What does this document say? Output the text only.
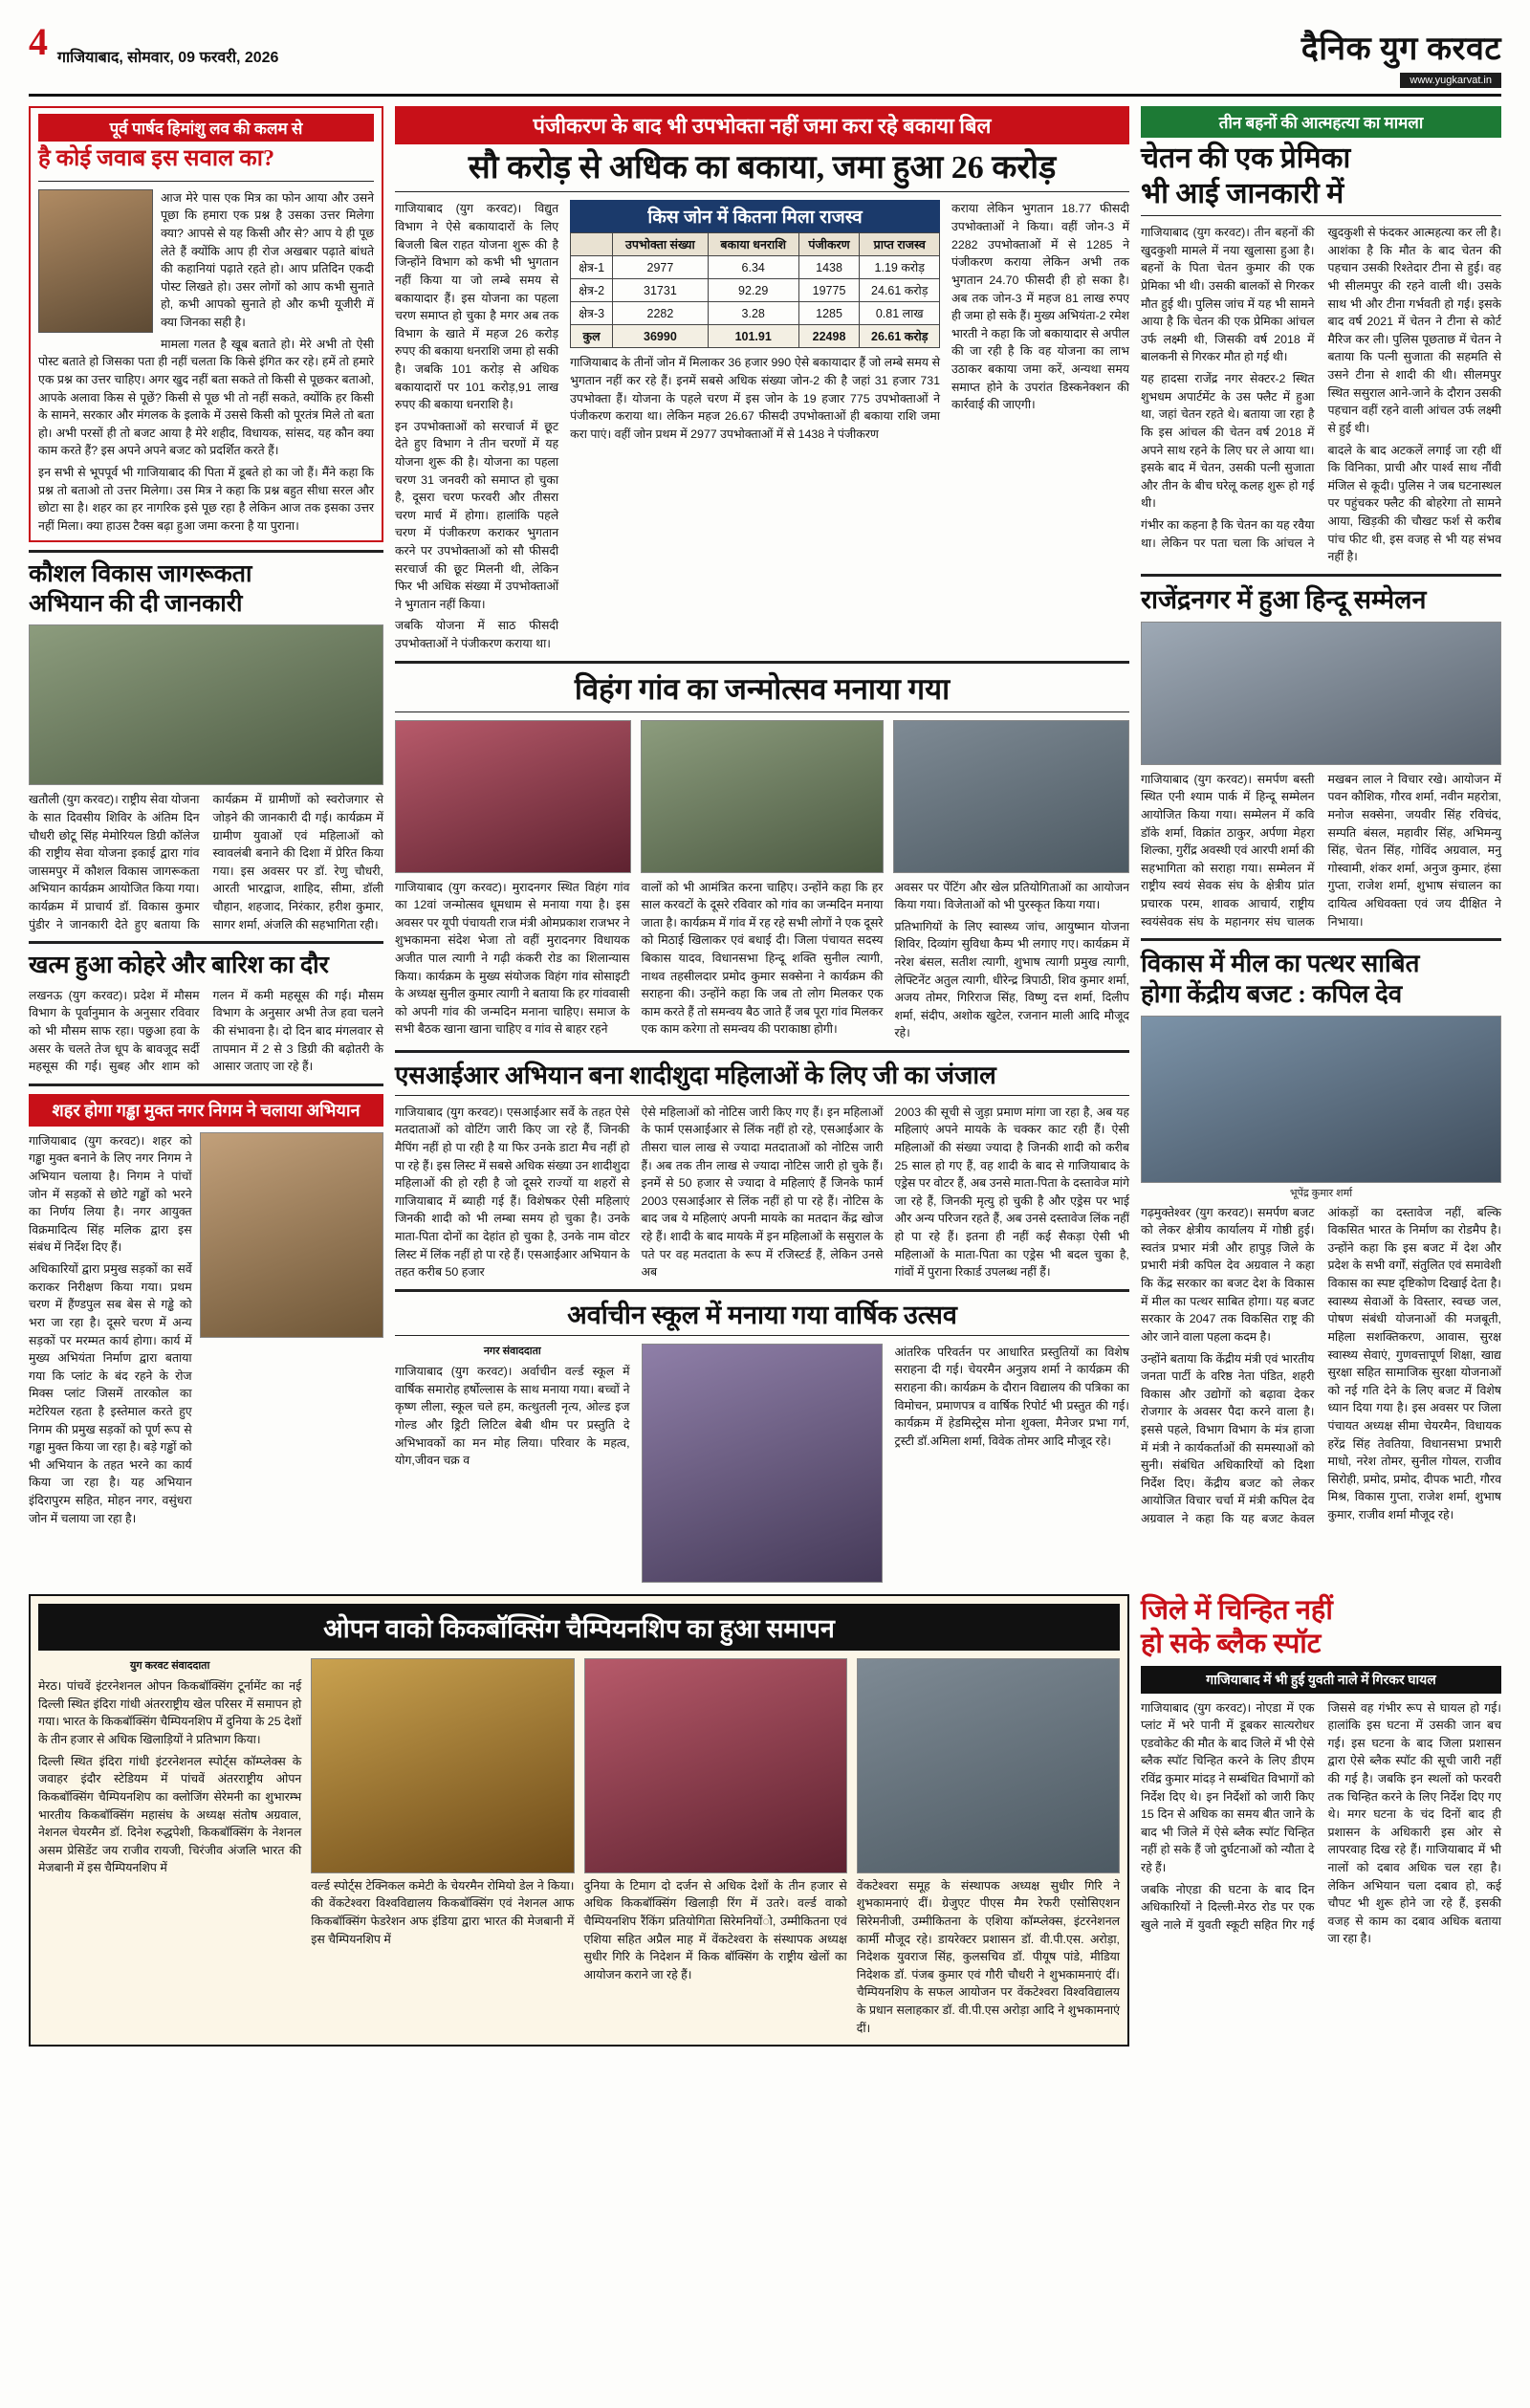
4 गाजियाबाद, सोमवार, 09 फरवरी, 2026	दैनिक युग करवट
www.yugkarvat.in
पूर्व पार्षद हिमांशु लव की कलम से
है कोई जवाब इस सवाल का?
आज मेरे पास एक मित्र का फोन आया और उसने पूछा कि हमारा एक प्रश्न है उसका उत्तर मिलेगा क्या? आपसे से यह किसी और से? आप ये ही पूछ लेते हैं क्योंकि आप ही रोज अखबार पढ़ाते बांधते की कहानियां पढ़ाते रहते हो। आप प्रतिदिन एकदी पोस्ट लिखते हो। उसर लोगों को आप कभी सुनाते हो, कभी आपको सुनाते हो और कभी यूजीरी में क्या जिनका सही है।
मामला गलत है खूब बताते हो। मेरे अभी तो ऐसी पोस्ट बताते हो जिसका पता ही नहीं चलता कि किसे इंगित कर रहे। हमें तो हमारे एक प्रश्न का उत्तर चाहिए। अगर खुद नहीं बता सकते तो किसी से पूछकर बताओ, आपके अलावा किस से पूछें? किसी से पूछ भी तो नहीं सकते, क्योंकि हर किसी के सामने, सरकार और मंगलक के इलाके में उससे किसी को पूरतंत्र मिले तो बता हो। अभी परसों ही तो बजट आया है मेरे शहीद, विधायक, सांसद, यह कौन क्या काम करते हैं? इस अपने अपने बजट को प्रदर्शित करते हैं।
इन सभी से भूपपूर्व भी गाजियाबाद की पिता में डूबते हो का जो हैं। मैंने कहा कि प्रश्न तो बताओ तो उत्तर मिलेगा। उस मित्र ने कहा कि प्रश्न बहुत सीधा सरल और छोटा सा है। शहर का हर नागरिक इसे पूछ रहा है लेकिन आज तक इसका उत्तर नहीं मिला। क्या हाउस टैक्स बढ़ा हुआ जमा करना है या पुराना।
कौशल विकास जागरूकता
अभियान की दी जानकारी
खतौली (युग करवट)। राष्ट्रीय सेवा योजना के सात दिवसीय शिविर के अंतिम दिन चौधरी छोटू सिंह मेमोरियल डिग्री कॉलेज की राष्ट्रीय सेवा योजना इकाई द्वारा गांव जासमपुर में कौशल विकास जागरूकता अभियान कार्यक्रम आयोजित किया गया। कार्यक्रम में प्राचार्य डॉ. विकास कुमार पुंडीर ने जानकारी देते हुए बताया कि कार्यक्रम में ग्रामीणों को स्वरोजगार से जोड़ने की जानकारी दी गई। कार्यक्रम में ग्रामीण युवाओं एवं महिलाओं को स्वावलंबी बनाने की दिशा में प्रेरित किया गया। इस अवसर पर डॉ. रेणु चौधरी, आरती भारद्वाज, शाहिद, सीमा, डॉली चौहान, शहजाद, निरंकार, हरीश कुमार, सागर शर्मा, अंजलि की सहभागिता रही।
खत्म हुआ कोहरे और बारिश का दौर
लखनऊ (युग करवट)। प्रदेश में मौसम विभाग के पूर्वानुमान के अनुसार रविवार को भी मौसम साफ रहा। पछुआ हवा के असर के चलते तेज धूप के बावजूद सर्दी महसूस की गई। सुबह और शाम को गलन में कमी महसूस की गई। मौसम विभाग के अनुसार अभी तेज हवा चलने की संभावना है। दो दिन बाद मंगलवार से तापमान में 2 से 3 डिग्री की बढ़ोतरी के आसार जताए जा रहे हैं।
शहर होगा गड्ढा मुक्त नगर निगम ने चलाया अभियान
गाजियाबाद (युग करवट)। शहर को गड्ढा मुक्त बनाने के लिए नगर निगम ने अभियान चलाया है। निगम ने पांचों जोन में सड़कों से छोटे गड्ढों को भरने का निर्णय लिया है। नगर आयुक्त विक्रमादित्य सिंह मलिक द्वारा इस संबंध में निर्देश दिए हैं।
अधिकारियों द्वारा प्रमुख सड़कों का सर्वे कराकर निरीक्षण किया गया। प्रथम चरण में हैंण्डपुल सब बेस से गड्ढे को भरा जा रहा है। दूसरे चरण में अन्य सड़कों पर मरम्मत कार्य होगा। कार्य में मुख्य अभियंता निर्माण द्वारा बताया गया कि प्लांट के बंद रहने के रोज मिक्स प्लांट जिसमें तारकोल का मटेरियल रहता है इस्तेमाल करते हुए निगम की प्रमुख सड़कों को पूर्ण रूप से गड्ढा मुक्त किया जा रहा है। बड़े गड्ढों को भी अभियान के तहत भरने का कार्य किया जा रहा है। यह अभियान इंदिरापुरम सहित, मोहन नगर, वसुंधरा जोन में चलाया जा रहा है।
पंजीकरण के बाद भी उपभोक्ता नहीं जमा करा रहे बकाया बिल
सौ करोड़ से अधिक का बकाया, जमा हुआ 26 करोड़
गाजियाबाद (युग करवट)। विद्युत विभाग ने ऐसे बकायादारों के लिए बिजली बिल राहत योजना शुरू की है जिन्होंने विभाग को कभी भी भुगतान नहीं किया या जो लम्बे समय से बकायादार हैं। इस योजना का पहला चरण समाप्त हो चुका है मगर अब तक विभाग के खाते में महज 26 करोड़ रुपए की बकाया धनराशि जमा हो सकी है। जबकि 101 करोड़ से अधिक बकायादारों पर 101 करोड़,91 लाख रुपए की बकाया धनराशि है।
इन उपभोक्ताओं को सरचार्ज में छूट देते हुए विभाग ने तीन चरणों में यह योजना शुरू की है। योजना का पहला चरण 31 जनवरी को समाप्त हो चुका है, दूसरा चरण फरवरी और तीसरा चरण मार्च में होगा। हालांकि पहले चरण में पंजीकरण कराकर भुगतान करने पर उपभोक्ताओं को सौ फीसदी सरचार्ज की छूट मिलनी थी, लेकिन फिर भी अधिक संख्या में उपभोक्ताओं ने भुगतान नहीं किया।
जबकि योजना में साठ फीसदी उपभोक्ताओं ने पंजीकरण कराया था।
किस जोन में कितना मिला राजस्व
	उपभोक्ता संख्या	बकाया धनराशि	पंजीकरण	प्राप्त राजस्व
क्षेत्र-1	2977	6.34	1438	1.19 करोड़
क्षेत्र-2	31731	92.29	19775	24.61 करोड़
क्षेत्र-3	2282	3.28	1285	0.81 लाख
कुल	36990	101.91	22498	26.61 करोड़
गाजियाबाद के तीनों जोन में मिलाकर 36 हजार 990 ऐसे बकायादार हैं जो लम्बे समय से भुगतान नहीं कर रहे हैं। इनमें सबसे अधिक संख्या जोन-2 की है जहां 31 हजार 731 उपभोक्ता हैं। योजना के पहले चरण में इस जोन के 19 हजार 775 उपभोक्ताओं ने पंजीकरण कराया था। लेकिन महज 26.67 फीसदी उपभोक्ताओं ही बकाया राशि जमा करा पाएं। वहीं जोन प्रथम में 2977 उपभोक्ताओं में से 1438 ने पंजीकरण
कराया लेकिन भुगतान 18.77 फीसदी उपभोक्ताओं ने किया। वहीं जोन-3 में 2282 उपभोक्ताओं में से 1285 ने पंजीकरण कराया लेकिन अभी तक भुगतान 24.70 फीसदी ही हो सका है। अब तक जोन-3 में महज 81 लाख रुपए ही जमा हो सके हैं। मुख्य अभियंता-2 रमेश भारती ने कहा कि जो बकायादार से अपील की जा रही है कि वह योजना का लाभ उठाकर बकाया जमा करें, अन्यथा समय समाप्त होने के उपरांत डिस्कनेक्शन की कार्रवाई की जाएगी।
विहंग गांव का जन्मोत्सव मनाया गया
गाजियाबाद (युग करवट)। मुरादनगर स्थित विहंग गांव का 12वां जन्मोत्सव धूमधाम से मनाया गया है। इस अवसर पर यूपी पंचायती राज मंत्री ओमप्रकाश राजभर ने शुभकामना संदेश भेजा तो वहीं मुरादनगर विधायक अजीत पाल त्यागी ने गढ़ी कंकरी रोड का शिलान्यास किया। कार्यक्रम के मुख्य संयोजक विहंग गांव सोसाइटी के अध्यक्ष सुनील कुमार त्यागी ने बताया कि हर गांववासी को अपनी गांव की जन्मदिन मनाना चाहिए। समाज के सभी बैठक खाना खाना चाहिए व गांव से बाहर रहने
वालों को भी आमंत्रित करना चाहिए। उन्होंने कहा कि हर साल करवटों के दूसरे रविवार को गांव का जन्मदिन मनाया जाता है। कार्यक्रम में गांव में रह रहे सभी लोगों ने एक दूसरे को मिठाई खिलाकर एवं बधाई दी। जिला पंचायत सदस्य बिकास यादव, विधानसभा हिन्दू शक्ति सुनील त्यागी, नाथव तहसीलदार प्रमोद कुमार सक्सेना ने कार्यक्रम की सराहना की। उन्होंने कहा कि जब तो लोग मिलकर एक काम करते हैं तो समन्वय बैठ जाते हैं जब पूरा गांव मिलकर एक काम करेगा तो समन्वय की पराकाष्ठा होगी।
अवसर पर पेंटिंग और खेल प्रतियोगिताओं का आयोजन किया गया। विजेताओं को भी पुरस्कृत किया गया।
प्रतिभागियों के लिए स्वास्थ्य जांच, आयुष्मान योजना शिविर, दिव्यांग सुविधा कैम्प भी लगाए गए। कार्यक्रम में नरेश बंसल, सतीश त्यागी, शुभाष त्यागी प्रमुख त्यागी, लेफ्टिनेंट अतुल त्यागी, धीरेन्द्र त्रिपाठी, शिव कुमार शर्मा, अजय तोमर, गिरिराज सिंह, विष्णु दत्त शर्मा, दिलीप शर्मा, संदीप, अशोक खुटेल, रजनान माली आदि मौजूद रहे।
एसआईआर अभियान बना शादीशुदा महिलाओं के लिए जी का जंजाल
गाजियाबाद (युग करवट)। एसआईआर सर्वे के तहत ऐसे मतदाताओं को वोटिंग जारी किए जा रहे हैं, जिनकी मैपिंग नहीं हो पा रही है या फिर उनके डाटा मैच नहीं हो पा रहे हैं। इस लिस्ट में सबसे अधिक संख्या उन शादीशुदा महिलाओं की हो रही है जो दूसरे राज्यों या शहरों से गाजियाबाद में ब्याही गई हैं। विशेषकर ऐसी महिलाएं जिनकी शादी को भी लम्बा समय हो चुका है। उनके माता-पिता दोनों का देहांत हो चुका है, उनके नाम वोटर लिस्ट में लिंक नहीं हो पा रहे हैं। एसआईआर अभियान के तहत करीब 50 हजार
ऐसे महिलाओं को नोटिस जारी किए गए हैं। इन महिलाओं के फार्म एसआईआर से लिंक नहीं हो रहे, एसआईआर के तीसरा चाल लाख से ज्यादा मतदाताओं को नोटिस जारी हैं। अब तक तीन लाख से ज्यादा नोटिस जारी हो चुके हैं। इनमें से 50 हजार से ज्यादा वे महिलाएं हैं जिनके फार्म 2003 एसआईआर से लिंक नहीं हो पा रहे हैं। नोटिस के बाद जब ये महिलाएं अपनी मायके का मतदान केंद्र खोज रहे हैं। शादी के बाद मायके में इन महिलाओं के ससुराल के पते पर वह मतदाता के रूप में रजिस्टर्ड हैं, लेकिन उनसे अब
2003 की सूची से जुड़ा प्रमाण मांगा जा रहा है, अब यह महिलाएं अपने मायके के चक्कर काट रही हैं। ऐसी महिलाओं की संख्या ज्यादा है जिनकी शादी को करीब 25 साल हो गए हैं, वह शादी के बाद से गाजियाबाद के एड्रेस पर वोटर हैं, अब उनसे माता-पिता के दस्तावेज मांगे जा रहे हैं, जिनकी मृत्यु हो चुकी है और एड्रेस पर भाई और अन्य परिजन रहते हैं, अब उनसे दस्तावेज लिंक नहीं हो पा रहे हैं। इतना ही नहीं कई सैकड़ा ऐसी भी महिलाओं के माता-पिता का एड्रेस भी बदल चुका है, गांवों में पुराना रिकार्ड उपलब्ध नहीं हैं।
अर्वाचीन स्कूल में मनाया गया वार्षिक उत्सव
नगर संवाददाता
गाजियाबाद (युग करवट)। अर्वाचीन वर्ल्ड स्कूल में वार्षिक समारोह हर्षोल्लास के साथ मनाया गया। बच्चों ने कृष्ण लीला, स्कूल चले हम, कत्थुतली नृत्य, ओल्ड इज गोल्ड और ड्रिटी लिटिल बेबी थीम पर प्रस्तुति दे अभिभावकों का मन मोह लिया। परिवार के महत्व, योग,जीवन चक्र व
आंतरिक परिवर्तन पर आधारित प्रस्तुतियों का विशेष सराहना दी गई। चेयरमैन अनुज्ञय शर्मा ने कार्यक्रम की सराहना की। कार्यक्रम के दौरान विद्यालय की पत्रिका का विमोचन, प्रमाणपत्र व वार्षिक रिपोर्ट भी प्रस्तुत की गई। कार्यक्रम में हेडमिस्ट्रेस मोना शुक्ला, मैनेजर प्रभा गर्ग, ट्रस्टी डॉ.अमिला शर्मा, विवेक तोमर आदि मौजूद रहे।
तीन बहनों की आत्महत्या का मामला
चेतन की एक प्रेमिका
भी आई जानकारी में
गाजियाबाद (युग करवट)। तीन बहनों की खुदकुशी मामले में नया खुलासा हुआ है। बहनों के पिता चेतन कुमार की एक प्रेमिका भी थी। उसकी बालकों से गिरकर मौत हुई थी। पुलिस जांच में यह भी सामने आया है कि चेतन की एक प्रेमिका आंचल उर्फ लक्ष्मी थी, जिसकी वर्ष 2018 में बालकनी से गिरकर मौत हो गई थी।
यह हादसा राजेंद्र नगर सेक्टर-2 स्थित शुभधम अपार्टमेंट के उस फ्लैट में हुआ था, जहां चेतन रहते थे। बताया जा रहा है कि इस आंचल की चेतन वर्ष 2018 में अपने साथ रहने के लिए घर ले आया था। इसके बाद में चेतन, उसकी पत्नी सुजाता और तीन के बीच घरेलू कलह शुरू हो गई थी।
गंभीर का कहना है कि चेतन का यह रवैया था। लेकिन पर पता चला कि आंचल ने खुदकुशी से फंदकर आत्महत्या कर ली है। आशंका है कि मौत के बाद चेतन की पहचान उसकी रिश्तेदार टीना से हुई। वह भी सीलमपुर की रहने वाली थी। उसके साथ भी और टीना गर्भवती हो गई। इसके बाद वर्ष 2021 में चेतन ने टीना से कोर्ट मैरिज कर ली। पुलिस पूछताछ में चेतन ने बताया कि पत्नी सुजाता की सहमति से उसने टीना से शादी की थी। सीलमपुर स्थित ससुराल आने-जाने के दौरान उसकी पहचान वहीं रहने वाली आंचल उर्फ लक्ष्मी से हुई थी।
बादले के बाद अटकलें लगाई जा रही थीं कि विनिका, प्राची और पार्श्व साथ नौंवी मंजिल से कूदी। पुलिस ने जब घटनास्थल पर पहुंचकर फ्लैट की बोहरेगा तो सामने आया, खिड़की की चौखट फर्श से करीब पांच फीट थी, इस वजह से भी यह संभव नहीं है।
राजेंद्रनगर में हुआ हिन्दू सम्मेलन
गाजियाबाद (युग करवट)। समर्पण बस्ती स्थित एनी श्याम पार्क में हिन्दू सम्मेलन आयोजित किया गया। सम्मेलन में कवि डॉके शर्मा, विक्रांत ठाकुर, अर्पणा मेहरा शिल्का, गुरींद्र अवस्थी एवं आरपी शर्मा की सहभागिता को सराहा गया। सम्मेलन में राष्ट्रीय स्वयं सेवक संघ के क्षेत्रीय प्रांत प्रचारक परम, शावक आचार्य, राष्ट्रीय स्वयंसेवक संघ के महानगर संघ चालक मखबन लाल ने विचार रखे। आयोजन में पवन कौशिक, गौरव शर्मा, नवीन महरोत्रा, मनोज सक्सेना, जयवीर सिंह रविचंद, सम्पति बंसल, महावीर सिंह, अभिमन्यु सिंह, चेतन सिंह, गोविंद अग्रवाल, मनु गोस्वामी, शंकर शर्मा, अनुज कुमार, हंसा गुप्ता, राजेश शर्मा, शुभाष संचालन का दायित्व अधिवक्ता एवं जय दीक्षित ने निभाया।
विकास में मील का पत्थर साबित
होगा केंद्रीय बजट : कपिल देव
भूपेंद्र कुमार शर्मा
गढ़मुक्तेश्वर (युग करवट)। समर्पण बजट को लेकर क्षेत्रीय कार्यालय में गोष्ठी हुई। स्वतंत्र प्रभार मंत्री और हापुड़ जिले के प्रभारी मंत्री कपिल देव अग्रवाल ने कहा कि केंद्र सरकार का बजट देश के विकास में मील का पत्थर साबित होगा। यह बजट सरकार के 2047 तक विकसित राष्ट्र की ओर जाने वाला पहला कदम है।
उन्होंने बताया कि केंद्रीय मंत्री एवं भारतीय जनता पार्टी के वरिष्ठ नेता पंडित, शहरी विकास और उद्योगों को बढ़ावा देकर रोजगार के अवसर पैदा करने वाला है। इससे पहले, विभाग विभाग के मंत्र हाजा में मंत्री ने कार्यकर्ताओं की समस्याओं को सुनी। संबंधित अधिकारियों को दिशा निर्देश दिए। केंद्रीय बजट को लेकर आयोजित विचार चर्चा में मंत्री कपिल देव अग्रवाल ने कहा कि यह बजट केवल आंकड़ों का दस्तावेज नहीं, बल्कि विकसित भारत के निर्माण का रोडमैप है। उन्होंने कहा कि इस बजट में देश और प्रदेश के सभी वर्गों, संतुलित एवं समावेशी विकास का स्पष्ट दृष्टिकोण दिखाई देता है। स्वास्थ्य सेवाओं के विस्तार, स्वच्छ जल, पोषण संबंधी योजनाओं की मजबूती, महिला सशक्तिकरण, आवास, सुरक्ष स्वास्थ्य सेवाएं, गुणवत्तापूर्ण शिक्षा, खाद्य सुरक्षा सहित सामाजिक सुरक्षा योजनाओं को नई गति देने के लिए बजट में विशेष ध्यान दिया गया है। इस अवसर पर जिला पंचायत अध्यक्ष सीमा चेयरमैन, विधायक हरेंद्र सिंह तेवतिया, विधानसभा प्रभारी माधो, नरेश तोमर, सुनील गोयल, राजीव सिरोही, प्रमोद, प्रमोद, दीपक भाटी, गौरव मिश्र, विकास गुप्ता, राजेश शर्मा, शुभाष कुमार, राजीव शर्मा मौजूद रहे।
ओपन वाको किकबॉक्सिंग चैम्पियनशिप का हुआ समापन
युग करवट संवाददाता
मेरठ। पांचवें इंटरनेशनल ओपन किकबॉक्सिंग टूर्नामेंट का नई दिल्ली स्थित इंदिरा गांधी अंतरराष्ट्रीय खेल परिसर में समापन हो गया। भारत के किकबॉक्सिंग चैम्पियनशिप में दुनिया के 25 देशों के तीन हजार से अधिक खिलाड़ियों ने प्रतिभाग किया।
दिल्ली स्थित इंदिरा गांधी इंटरनेशनल स्पोर्ट्स कॉम्प्लेक्स के जवाहर इंदौर स्टेडियम में पांचवें अंतरराष्ट्रीय ओपन किकबॉक्सिंग चैम्पियनशिप का क्लोजिंग सेरेमनी का शुभारम्भ भारतीय किकबॉक्सिंग महासंघ के अध्यक्ष संतोष अग्रवाल, नेशनल चेयरमैन डॉ. दिनेश रुद्धपेशी, किकबॉक्सिंग के नेशनल असम प्रेसिडेंट जय राजीव रायजी, चिरंजीव अंजलि भारत की मेजबानी में इस चैम्पियनशिप में
वर्ल्ड स्पोर्ट्स टेक्निकल कमेटी के चेयरमैन रोमियो डेल ने किया। की वेंकटेश्वरा विश्वविद्यालय किकबॉक्सिंग एवं नेशनल आफ किकबॉक्सिंग फेडरेशन अफ इंडिया द्वारा भारत की मेजबानी में इस चैम्पियनशिप में
दुनिया के टिमाग दो दर्जन से अधिक देशों के तीन हजार से अधिक किकबॉक्सिंग खिलाड़ी रिंग में उतरे। वर्ल्ड वाको चैम्पियनशिप रैंकिंग प्रतियोगिता सिरेमनियोंो, उम्मीकितना एवं एशिया सहित अप्रैल माह में वेंकटेश्वरा के संस्थापक अध्यक्ष सुधीर गिरि के निदेशन में किक बॉक्सिंग के राष्ट्रीय खेलों का आयोजन कराने जा रहे हैं।
वेंकटेश्वरा समूह के संस्थापक अध्यक्ष सुधीर गिरि ने शुभकामनाएं दीं। ग्रेजुएट पीएस मैम रेफरी एसोसिएशन सिरेमनीजी, उम्मीकितना के एशिया कॉम्प्लेक्स, इंटरनेशनल कार्मी मौजूद रहे। डायरेक्टर प्रशासन डॉ. वी.पी.एस. अरोड़ा, निदेशक युवराज सिंह, कुलसचिव डॉ. पीयूष पांडे, मीडिया निदेशक डॉ. पंजब कुमार एवं गौरी चौधरी ने शुभकामनाएं दीं। चैम्पियनशिप के सफल आयोजन पर वेंकटेश्वरा विश्वविद्यालय के प्रधान सलाहकार डॉ. वी.पी.एस अरोड़ा आदि ने शुभकामनाएं दीं।
जिले में चिन्हित नहीं
हो सके ब्लैक स्पॉट
गाजियाबाद में भी हुई युवती नाले में गिरकर घायल
गाजियाबाद (युग करवट)। नोएडा में एक प्लांट में भरे पानी में डूबकर सात्यरोधर एडवोकेट की मौत के बाद जिले में भी ऐसे ब्लैक स्पॉट चिन्हित करने के लिए डीएम रविंद्र कुमार मांदड़ ने सम्बंधित विभागों को निर्देश दिए थे। इन निर्देशों को जारी किए 15 दिन से अधिक का समय बीत जाने के बाद भी जिले में ऐसे ब्लैक स्पॉट चिन्हित नहीं हो सके हैं जो दुर्घटनाओं को न्यौता दे रहे हैं।
जबकि नोएडा की घटना के बाद दिन अधिकारियों ने दिल्ली-मेरठ रोड पर एक खुले नाले में युवती स्कूटी सहित गिर गई जिससे वह गंभीर रूप से घायल हो गई। हालांकि इस घटना में उसकी जान बच गई। इस घटना के बाद जिला प्रशासन द्वारा ऐसे ब्लैक स्पॉट की सूची जारी नहीं की गई है। जबकि इन स्थलों को फरवरी तक चिन्हित करने के लिए निर्देश दिए गए थे। मगर घटना के चंद दिनों बाद ही प्रशासन के अधिकारी इस ओर से लापरवाह दिख रहे हैं। गाजियाबाद में भी नालों को दबाव अधिक चल रहा है। लेकिन अभियान चला दबाव हो, कई चौपट भी शुरू होने जा रहे हैं, इसकी वजह से काम का दबाव अधिक बताया जा रहा है।
